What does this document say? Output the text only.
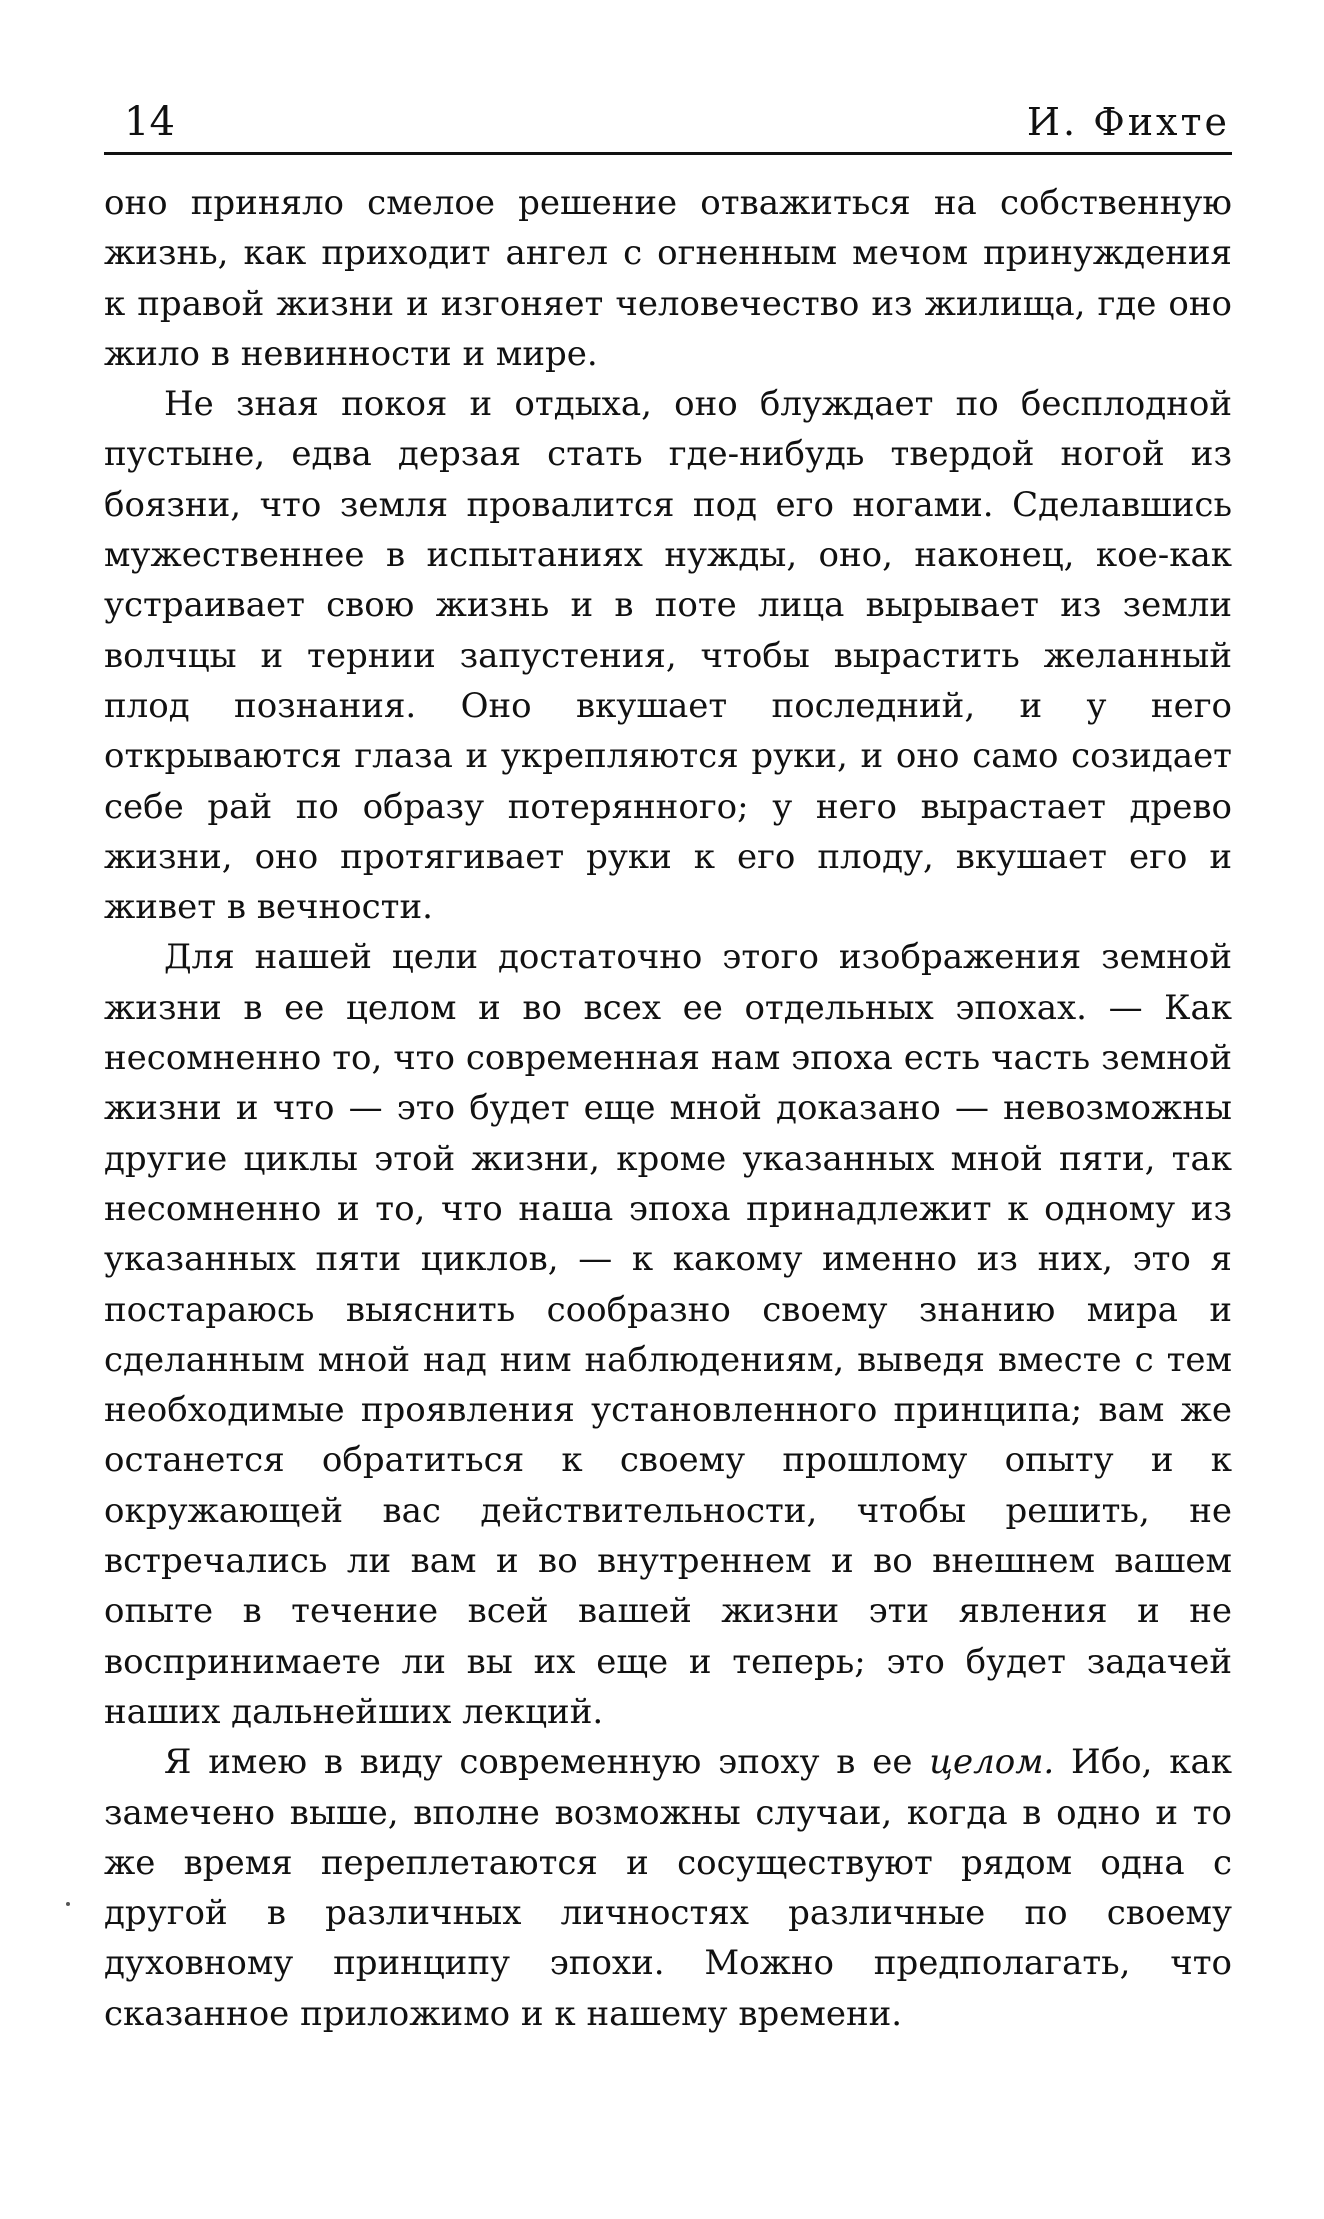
14	И. Фихте

оно приняло смелое решение отважиться на собственную жизнь, как приходит ангел с огненным мечом принуждения к правой жизни и изгоняет человечество из жилища, где оно жило в невинности и мире.

Не зная покоя и отдыха, оно блуждает по бесплодной пустыне, едва дерзая стать где-нибудь твердой ногой из боязни, что земля провалится под его ногами. Сделавшись мужественнее в испытаниях нужды, оно, наконец, кое-как устраивает свою жизнь и в поте лица вырывает из земли волчцы и тернии запустения, чтобы вырастить желанный плод познания. Оно вкушает последний, и у него открываются глаза и укрепляются руки, и оно само созидает себе рай по образу потерянного; у него вырастает древо жизни, оно протягивает руки к его плоду, вкушает его и живет в вечности.

Для нашей цели достаточно этого изображения земной жизни в ее целом и во всех ее отдельных эпохах. — Как несомненно то, что современная нам эпоха есть часть земной жизни и что — это будет еще мной доказано — невозможны другие циклы этой жизни, кроме указанных мной пяти, так несомненно и то, что наша эпоха принадлежит к одному из указанных пяти циклов, — к какому именно из них, это я постараюсь выяснить сообразно своему знанию мира и сделанным мной над ним наблюдениям, выведя вместе с тем необходимые проявления установленного принципа; вам же останется обратиться к своему прошлому опыту и к окружающей вас действительности, чтобы решить, не встречались ли вам и во внутреннем и во внешнем вашем опыте в течение всей вашей жизни эти явления и не воспринимаете ли вы их еще и теперь; это будет задачей наших дальнейших лекций.

Я имею в виду современную эпоху в ее целом. Ибо, как замечено выше, вполне возможны случаи, когда в одно и то же время переплетаются и сосуществуют рядом одна с другой в различных личностях различные по своему духовному принципу эпохи. Можно предполагать, что сказанное приложимо и к нашему времени.
